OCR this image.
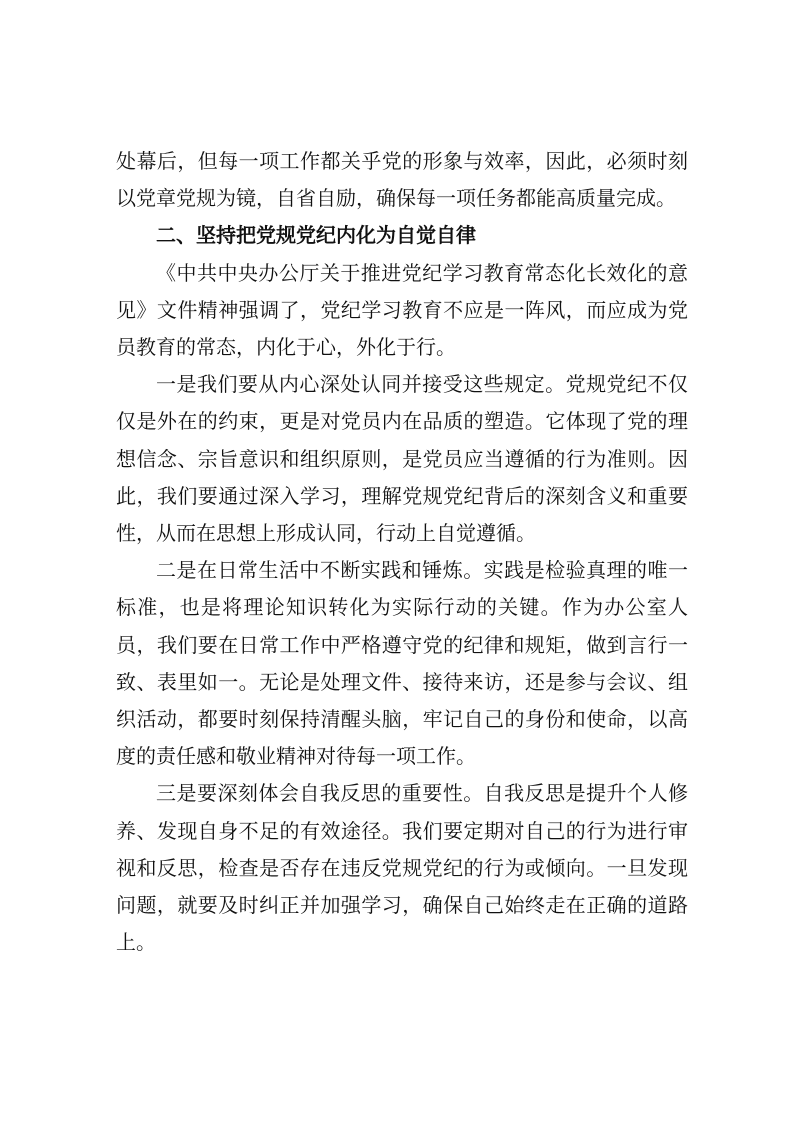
处幕后，但每一项工作都关乎党的形象与效率，因此，必须时刻以党章党规为镜，自省自励，确保每一项任务都能高质量完成。

二、坚持把党规党纪内化为自觉自律

《中共中央办公厅关于推进党纪学习教育常态化长效化的意见》文件精神强调了，党纪学习教育不应是一阵风，而应成为党员教育的常态，内化于心，外化于行。

一是我们要从内心深处认同并接受这些规定。党规党纪不仅仅是外在的约束，更是对党员内在品质的塑造。它体现了党的理想信念、宗旨意识和组织原则，是党员应当遵循的行为准则。因此，我们要通过深入学习，理解党规党纪背后的深刻含义和重要性，从而在思想上形成认同，行动上自觉遵循。

二是在日常生活中不断实践和锤炼。实践是检验真理的唯一标准，也是将理论知识转化为实际行动的关键。作为办公室人员，我们要在日常工作中严格遵守党的纪律和规矩，做到言行一致、表里如一。无论是处理文件、接待来访，还是参与会议、组织活动，都要时刻保持清醒头脑，牢记自己的身份和使命，以高度的责任感和敬业精神对待每一项工作。

三是要深刻体会自我反思的重要性。自我反思是提升个人修养、发现自身不足的有效途径。我们要定期对自己的行为进行审视和反思，检查是否存在违反党规党纪的行为或倾向。一旦发现问题，就要及时纠正并加强学习，确保自己始终走在正确的道路上。
